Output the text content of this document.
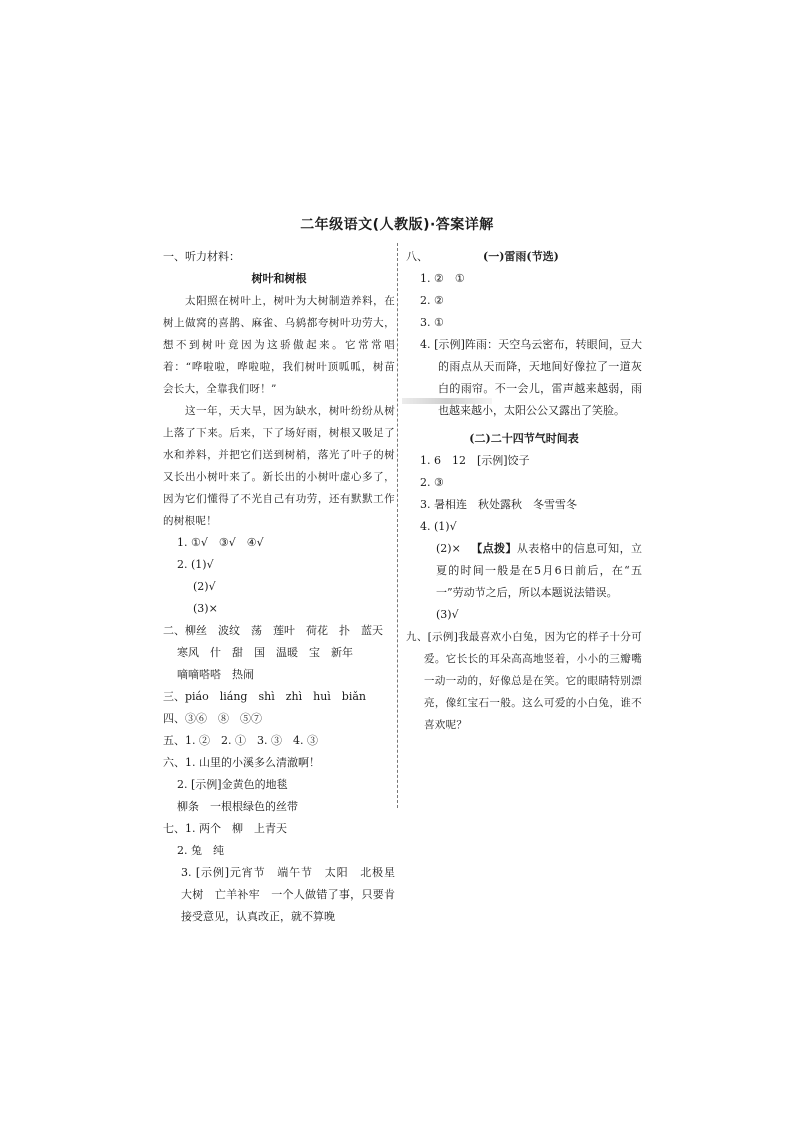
二年级语文(人教版)·答案详解
一、听力材料：
树叶和树根
太阳照在树叶上，树叶为大树制造养料，在树上做窝的喜鹊、麻雀、乌鸫都夸树叶功劳大，想不到树叶竟因为这骄傲起来。它常常唱着：“哗啦啦，哗啦啦，我们树叶顶呱呱，树苗会长大，全靠我们呀！”
这一年，天大旱，因为缺水，树叶纷纷从树上落了下来。后来，下了场好雨，树根又吸足了水和养料，并把它们送到树梢，落光了叶子的树又长出小树叶来了。新长出的小树叶虚心多了，因为它们懂得了不光自己有功劳，还有默默工作的树根呢！
1. ①√　③√　④√
2. (1)√
(2)√
(3)×
二、柳丝　波纹　荡　莲叶　荷花　扑　蓝天
寒风　什　甜　国　温暖　宝　新年
嘀嘀嗒嗒　热闹
三、piáo　liáng　shì　zhì　huì　biǎn
四、③⑥　⑧　⑤⑦
五、1. ②　2. ①　3. ③　4. ③
六、1. 山里的小溪多么清澈啊！
2. [示例]金黄色的地毯
柳条　一根根绿色的丝带
七、1. 两个　柳　上青天
2. 兔　纯
3. [示例]元宵节　端午节　太阳　北极星　大树　亡羊补牢　一个人做错了事，只要肯接受意见，认真改正，就不算晚
八、	(一)雷雨(节选)
1. ②　①
2. ②
3. ①
4. [示例]阵雨：天空乌云密布，转眼间，豆大的雨点从天而降，天地间好像拉了一道灰白的雨帘。不一会儿，雷声越来越弱，雨也越来越小，太阳公公又露出了笑脸。
(二)二十四节气时间表
1. 6　12　[示例]饺子
2. ③
3. 暑相连　秋处露秋　冬雪雪冬
4. (1)√
(2)× 【点拨】从表格中的信息可知，立夏的时间一般是在5月6日前后，在“五一”劳动节之后，所以本题说法错误。
(3)√
九、[示例]我最喜欢小白兔，因为它的样子十分可爱。它长长的耳朵高高地竖着，小小的三瓣嘴一动一动的，好像总是在笑。它的眼睛特别漂亮，像红宝石一般。这么可爱的小白兔，谁不喜欢呢？
